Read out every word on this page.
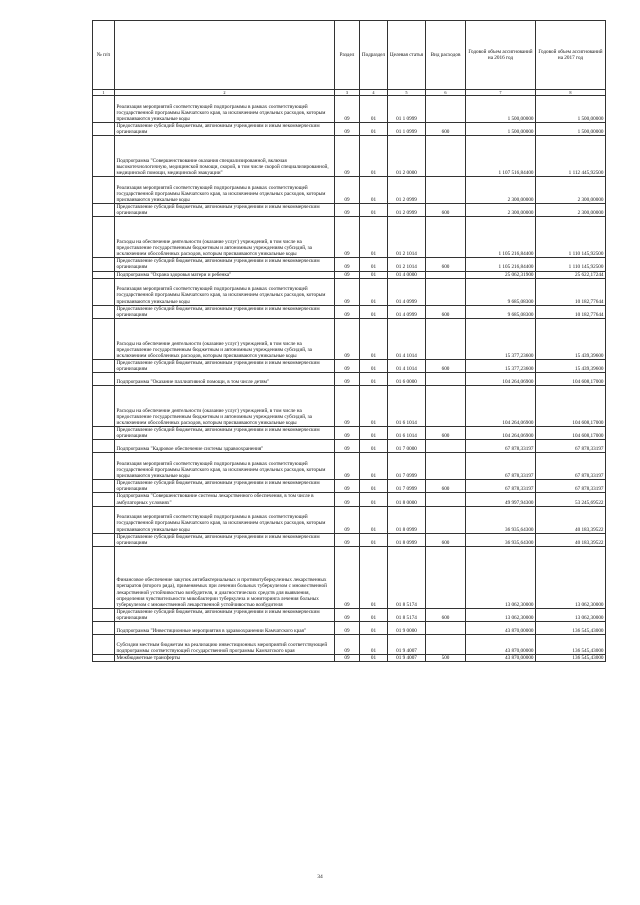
№ п/п		Раздел	Подраздел	Целевая статья	Вид расходов	Годовой объем ассигнований на 2016 год	Годовой объем ассигнований на 2017 год
1	2	3	4	5	6	7	8
	Реализация мероприятий соответствующей подпрограммы в рамках соответствующей государственной программы Камчатского края, за исключением отдельных расходов, которым присваиваются уникальные коды	09	01	01 1 0999		1 500,00000	1 500,00000
	Предоставление субсидий бюджетным, автономным учреждениям и иным некоммерческим организациям	09	01	01 1 0999	600	1 500,00000	1 500,00000
	Подпрограмма "Совершенствование оказания специализированной, включая высокотехнологичную, медицинской помощи, скорой, в том числе скорой специализированной, медицинской помощи, медицинской эвакуации"	09	01	01 2 0000		1 107 516,84400	1 112 445,92500
	Реализация мероприятий соответствующей подпрограммы в рамках соответствующей государственной программы Камчатского края, за исключением отдельных расходов, которым присваиваются уникальные коды	09	01	01 2 0999		2 300,00000	2 300,00000
	Предоставление субсидий бюджетным, автономным учреждениям и иным некоммерческим организациям	09	01	01 2 0999	600	2 300,00000	2 300,00000
	Расходы на обеспечение деятельности (оказание услуг) учреждений, в том числе на предоставление государственным бюджетным и автономным учреждениям субсидий, за исключением обособленных расходов, которым присваиваются уникальные коды	09	01	01 2 1014		1 105 216,84400	1 110 145,92500
	Предоставление субсидий бюджетным, автономным учреждениям и иным некоммерческим организациям	09	01	01 2 1014	600	1 105 216,84400	1 110 145,92500
	Подпрограмма "Охрана здоровья матери и ребенка"	09	01	01 4 0000		25 062,31900	25 622,17244
	Реализация мероприятий соответствующей подпрограммы в рамках соответствующей государственной программы Камчатского края, за исключением отдельных расходов, которым присваиваются уникальные коды	09	01	01 4 0999		9 685,08300	10 182,77644
	Предоставление субсидий бюджетным, автономным учреждениям и иным некоммерческим организациям	09	01	01 4 0999	600	9 685,08300	10 182,77644
	Расходы на обеспечение деятельности (оказание услуг) учреждений, в том числе на предоставление государственным бюджетным и автономным учреждениям субсидий, за исключением обособленных расходов, которым присваиваются уникальные коды	09	01	01 4 1014		15 377,23600	15 439,39600
	Предоставление субсидий бюджетным, автономным учреждениям и иным некоммерческим организациям	09	01	01 4 1014	600	15 377,23600	15 439,39600
	Подпрограмма "Оказание паллиативной помощи, в том числе детям"	09	01	01 6 0000		104 264,06900	104 608,17000
	Расходы на обеспечение деятельности (оказание услуг) учреждений, в том числе на предоставление государственным бюджетным и автономным учреждениям субсидий, за исключением обособленных расходов, которым присваиваются уникальные коды	09	01	01 6 1014		104 264,06900	104 608,17000
	Предоставление субсидий бюджетным, автономным учреждениям и иным некоммерческим организациям	09	01	01 6 1014	600	104 264,06900	104 608,17000
	Подпрограмма "Кадровое обеспечение системы здравоохранения"	09	01	01 7 0000		67 878,33197	67 878,33197
	Реализация мероприятий соответствующей подпрограммы в рамках соответствующей государственной программы Камчатского края, за исключением отдельных расходов, которым присваиваются уникальные коды	09	01	01 7 0999		67 878,33197	67 878,33197
	Предоставление субсидий бюджетным, автономным учреждениям и иным некоммерческим организациям	09	01	01 7 0999	600	67 878,33197	67 878,33197
	Подпрограмма "Совершенствование системы лекарственного обеспечения, в том числе в амбулаторных условиях"	09	01	01 8 0000		49 997,94300	53 245,69522
	Реализация мероприятий соответствующей подпрограммы в рамках соответствующей государственной программы Камчатского края, за исключением отдельных расходов, которым присваиваются уникальные коды	09	01	01 8 0999		36 935,64300	40 183,39522
	Предоставление субсидий бюджетным, автономным учреждениям и иным некоммерческим организациям	09	01	01 8 0999	600	36 935,64300	40 183,39522
	Финансовое обеспечение закупок антибактериальных и противотуберкулезных лекарственных препаратов (второго ряда), применяемых при лечении больных туберкулезом с множественной лекарственной устойчивостью возбудителя, и диагностических средств для выявления, определения чувствительности микобактерии туберкулеза и мониторинга лечения больных туберкулезом с множественной лекарственной устойчивостью возбудителя	09	01	01 8 5174		13 062,30000	13 062,30000
	Предоставление субсидий бюджетным, автономным учреждениям и иным некоммерческим организациям	09	01	01 8 5174	600	13 062,30000	13 062,30000
	Подпрограмма "Инвестиционные мероприятия в здравоохранении Камчатского края"	09	01	01 9 0000		43 870,00000	136 545,43000
	Субсидии местным бюджетам на реализацию инвестиционных мероприятий соответствующей подпрограммы соответствующей государственной программы Камчатского края	09	01	01 9 4007		43 870,00000	136 545,43000
	Межбюджетные трансферты	09	01	01 9 4007	500	43 870,00000	136 545,43000
34
